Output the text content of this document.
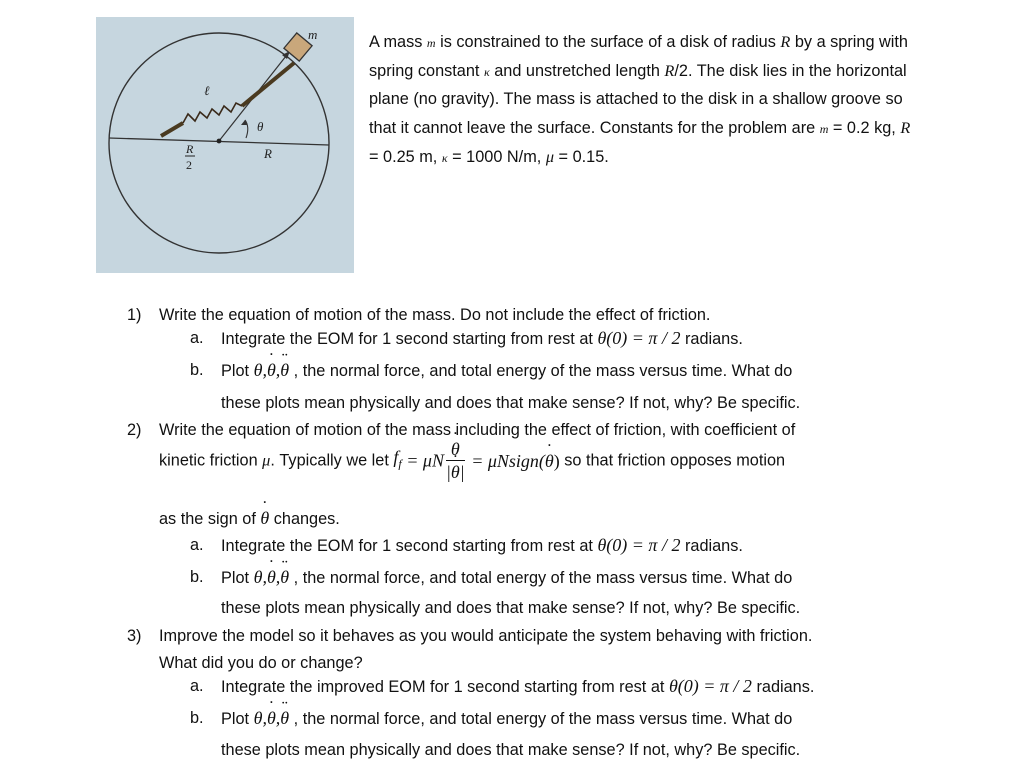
m
ℓ
θ
R
R
2

A mass m is constrained to the surface of a disk of radius R by a spring with spring constant κ and unstretched length R/2. The disk lies in the horizontal plane (no gravity). The mass is attached to the disk in a shallow groove so that it cannot leave the surface. Constants for the problem are m = 0.2 kg, R = 0.25 m, κ = 1000 N/m, μ = 0.15.

1) Write the equation of motion of the mass. Do not include the effect of friction.
a. Integrate the EOM for 1 second starting from rest at θ(0) = π / 2 radians.
b. Plot θ,θ ˙,θ ¨ , the normal force, and total energy of the mass versus time. What do
these plots mean physically and does that make sense? If not, why? Be specific.
2) Write the equation of motion of the mass including the effect of friction, with coefficient of
kinetic friction μ. Typically we let $f_f = \mu N \frac{\theta ˙}{|\theta|}$ ˙ = μNsign(θ ˙) so that friction opposes motion
as the sign of θ ˙ changes.
a. Integrate the EOM for 1 second starting from rest at θ(0) = π / 2 radians.
b. Plot θ,θ ˙,θ ¨ , the normal force, and total energy of the mass versus time. What do
these plots mean physically and does that make sense? If not, why? Be specific.
3) Improve the model so it behaves as you would anticipate the system behaving with friction.
What did you do or change?
a. Integrate the improved EOM for 1 second starting from rest at θ(0) = π / 2 radians.
b. Plot θ,θ ˙,θ ¨ , the normal force, and total energy of the mass versus time. What do
these plots mean physically and does that make sense? If not, why? Be specific.
